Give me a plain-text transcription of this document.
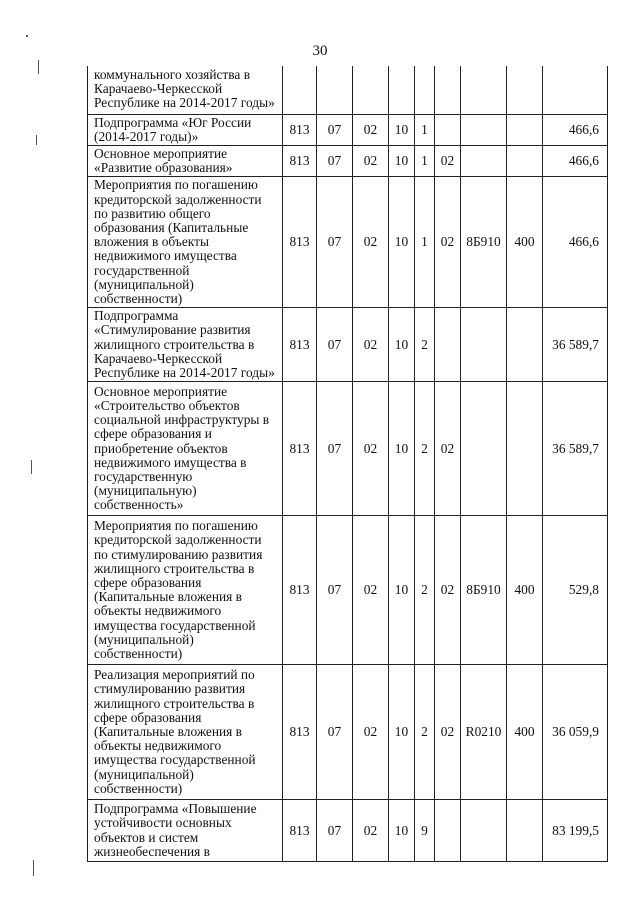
30
коммунального хозяйства в Карачаево-Черкесской Республике на 2014-2017 годы»									
Подпрограмма «Юг России (2014-2017 годы)»	813	07	02	10	1				466,6
Основное мероприятие «Развитие образования»	813	07	02	10	1	02			466,6
Мероприятия по погашению кредиторской задолженности по развитию общего образования (Капитальные вложения в объекты недвижимого имущества государственной (муниципальной) собственности)	813	07	02	10	1	02	8Б910	400	466,6
Подпрограмма «Стимулирование развития жилищного строительства в Карачаево-Черкесской Республике на 2014-2017 годы»	813	07	02	10	2				36 589,7
Основное мероприятие «Строительство объектов социальной инфраструктуры в сфере образования и приобретение объектов недвижимого имущества в государственную (муниципальную) собственность»	813	07	02	10	2	02			36 589,7
Мероприятия по погашению кредиторской задолженности по стимулированию развития жилищного строительства в сфере образования (Капитальные вложения в объекты недвижимого имущества государственной (муниципальной) собственности)	813	07	02	10	2	02	8Б910	400	529,8
Реализация мероприятий по стимулированию развития жилищного строительства в сфере образования (Капитальные вложения в объекты недвижимого имущества государственной (муниципальной) собственности)	813	07	02	10	2	02	R0210	400	36 059,9
Подпрограмма «Повышение устойчивости основных объектов и систем жизнеобеспечения в	813	07	02	10	9				83 199,5
